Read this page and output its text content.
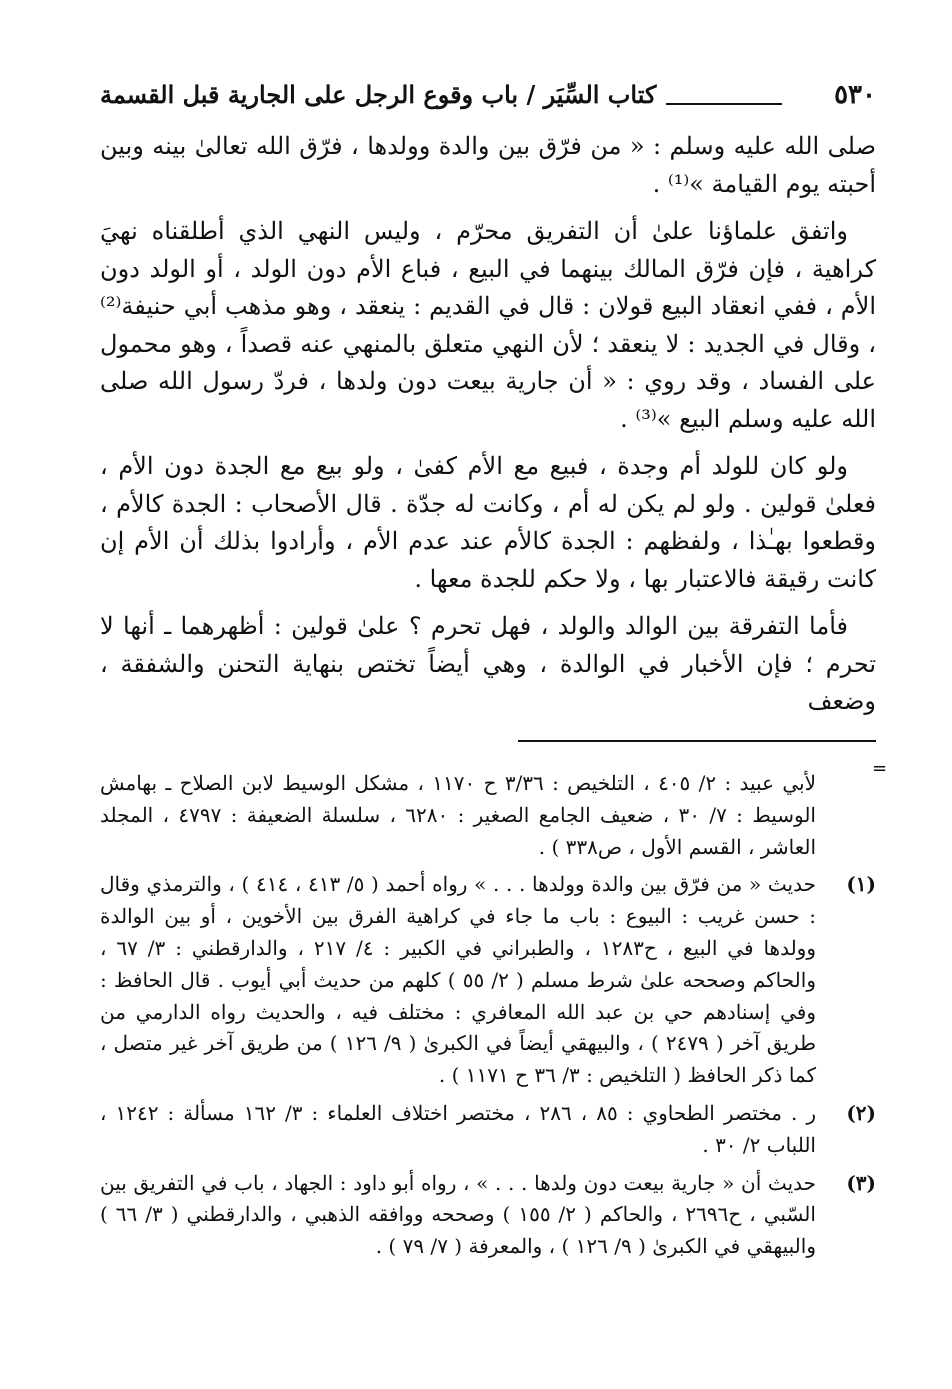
٥٣٠
كتاب السِّيَر / باب وقوع الرجل على الجارية قبل القسمة

صلى الله عليه وسلم : « من فرّق بين والدة وولدها ، فرّق الله تعالىٰ بينه وبين أحبته يوم القيامة »⁽¹⁾ .

واتفق علماؤنا علىٰ أن التفريق محرّم ، وليس النهي الذي أطلقناه نهيَ كراهية ، فإن فرّق المالك بينهما في البيع ، فباع الأم دون الولد ، أو الولد دون الأم ، ففي انعقاد البيع قولان : قال في القديم : ينعقد ، وهو مذهب أبي حنيفة⁽²⁾ ، وقال في الجديد : لا ينعقد ؛ لأن النهي متعلق بالمنهي عنه قصداً ، وهو محمول على الفساد ، وقد روي : « أن جارية بيعت دون ولدها ، فردّ رسول الله صلى الله عليه وسلم البيع »⁽³⁾ .

ولو كان للولد أم وجدة ، فبيع مع الأم كفىٰ ، ولو بيع مع الجدة دون الأم ، فعلىٰ قولين . ولو لم يكن له أم ، وكانت له جدّة . قال الأصحاب : الجدة كالأم ، وقطعوا بهـٰذا ، ولفظهم : الجدة كالأم عند عدم الأم ، وأرادوا بذلك أن الأم إن كانت رقيقة فالاعتبار بها ، ولا حكم للجدة معها .

فأما التفرقة بين الوالد والولد ، فهل تحرم ؟ علىٰ قولين : أظهرهما ـ أنها لا تحرم ؛ فإن الأخبار في الوالدة ، وهي أيضاً تختص بنهاية التحنن والشفقة ، وضعف

=

لأبي عبيد : ٢/ ٤٠٥ ، التلخيص : ٣/٣٦ ح ١١٧٠ ، مشكل الوسيط لابن الصلاح ـ بهامش الوسيط : ٧/ ٣٠ ، ضعيف الجامع الصغير : ٦٢٨٠ ، سلسلة الضعيفة : ٤٧٩٧ ، المجلد العاشر ، القسم الأول ، ص٣٣٨ ) .

(١)
حديث « من فرّق بين والدة وولدها . . . » رواه أحمد ( ٥/ ٤١٣ ، ٤١٤ ) ، والترمذي وقال : حسن غريب : البيوع : باب ما جاء في كراهية الفرق بين الأخوين ، أو بين الوالدة وولدها في البيع ، ح١٢٨٣ ، والطبراني في الكبير : ٤/ ٢١٧ ، والدارقطني : ٣/ ٦٧ ، والحاكم وصححه علىٰ شرط مسلم ( ٢/ ٥٥ ) كلهم من حديث أبي أيوب . قال الحافظ : وفي إسنادهم حي بن عبد الله المعافري : مختلف فيه ، والحديث رواه الدارمي من طريق آخر ( ٢٤٧٩ ) ، والبيهقي أيضاً في الكبرىٰ ( ٩/ ١٢٦ ) من طريق آخر غير متصل ، كما ذكر الحافظ ( التلخيص : ٣/ ٣٦ ح ١١٧١ ) .
(٢)
ر . مختصر الطحاوي : ٨٥ ، ٢٨٦ ، مختصر اختلاف العلماء : ٣/ ١٦٢ مسألة : ١٢٤٢ ، اللباب ٢/ ٣٠ .
(٣)
حديث أن « جارية بيعت دون ولدها . . . » ، رواه أبو داود : الجهاد ، باب في التفريق بين السّبي ، ح٢٦٩٦ ، والحاكم ( ٢/ ١٥٥ ) وصححه ووافقه الذهبي ، والدارقطني ( ٣/ ٦٦ ) والبيهقي في الكبرىٰ ( ٩/ ١٢٦ ) ، والمعرفة ( ٧/ ٧٩ ) .
